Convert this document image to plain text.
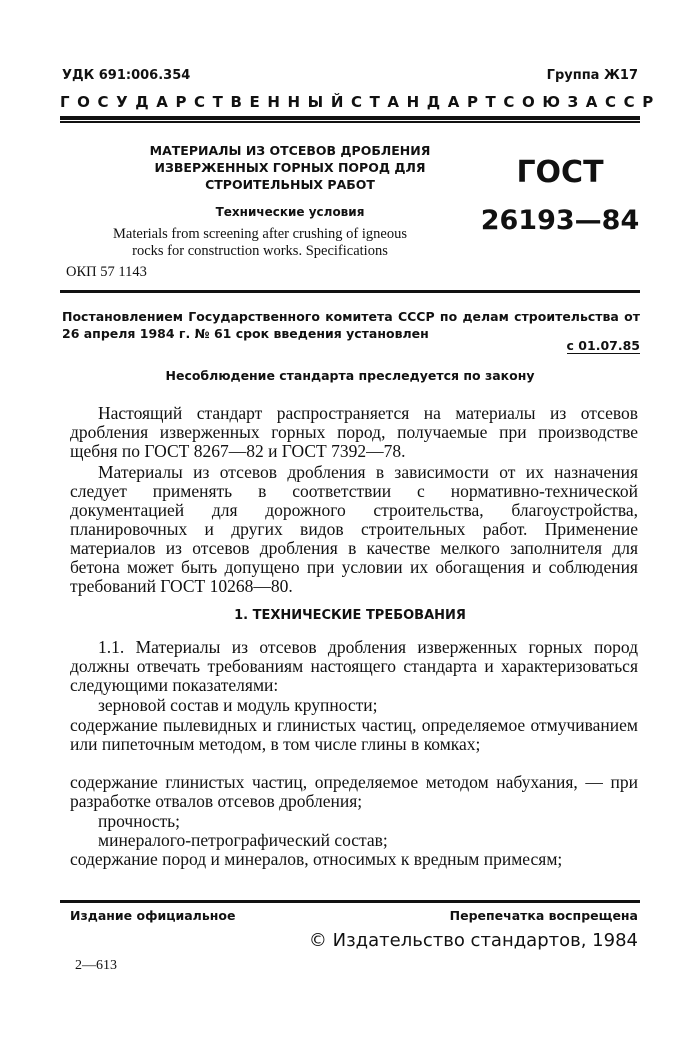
УДК 691:006.354	Группа Ж17
ГОСУДАРСТВЕННЫЙ СТАНДАРТ СОЮЗА ССР
МАТЕРИАЛЫ ИЗ ОТСЕВОВ ДРОБЛЕНИЯ
ИЗВЕРЖЕННЫХ ГОРНЫХ ПОРОД ДЛЯ
СТРОИТЕЛЬНЫХ РАБОТ
Технические условия
Materials from screening after crushing of igneous
rocks for construction works. Specifications
ОКП 57 1143
ГОСТ
26193—84
Постановлением Государственного комитета СССР по делам строительства от 26 апреля 1984 г. № 61 срок введения установлен
с 01.07.85
Несоблюдение стандарта преследуется по закону

Настоящий стандарт распространяется на материалы из отсевов дробления изверженных горных пород, получаемые при производстве щебня по ГОСТ 8267—82 и ГОСТ 7392—78.

Материалы из отсевов дробления в зависимости от их назначения следует применять в соответствии с нормативно-технической документацией для дорожного строительства, благоустройства, планировочных и других видов строительных работ. Применение материалов из отсевов дробления в качестве мелкого заполнителя для бетона может быть допущено при условии их обогащения и соблюдения требований ГОСТ 10268—80.

1. ТЕХНИЧЕСКИЕ ТРЕБОВАНИЯ

1.1. Материалы из отсевов дробления изверженных горных пород должны отвечать требованиям настоящего стандарта и характеризоваться следующими показателями:

зерновой состав и модуль крупности;

содержание пылевидных и глинистых частиц, определяемое отмучиванием или пипеточным методом, в том числе глины в комках;

содержание глинистых частиц, определяемое методом набухания, — при разработке отвалов отсевов дробления;

прочность;

минералого-петрографический состав;

содержание пород и минералов, относимых к вредным примесям;

Издание официальное	Перепечатка воспрещена
© Издательство стандартов, 1984
2—613
